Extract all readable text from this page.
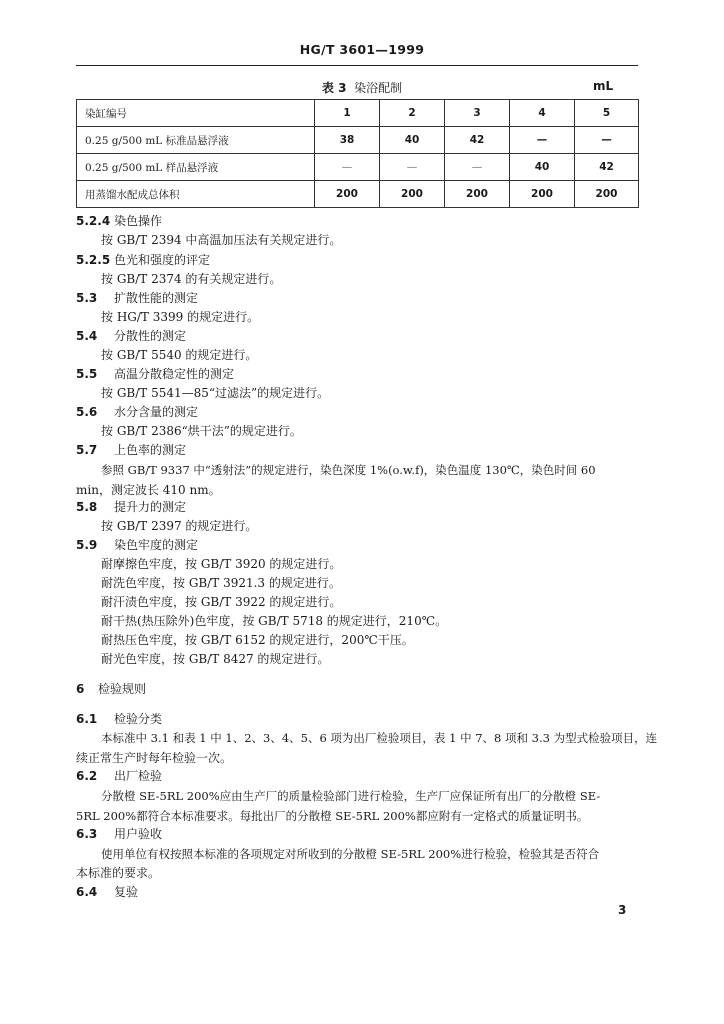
HG/T 3601—1999
表 3 染浴配制	mL
染缸编号	1	2	3	4	5
0.25 g/500 mL 标准品悬浮液	38	40	42	—	—
0.25 g/500 mL 样品悬浮液	—	—	—	40	42
用蒸馏水配成总体积	200	200	200	200	200
5.2.4 染色操作
按 GB/T 2394 中高温加压法有关规定进行。
5.2.5 色光和强度的评定
按 GB/T 2374 的有关规定进行。
5.3 扩散性能的测定
按 HG/T 3399 的规定进行。
5.4 分散性的测定
按 GB/T 5540 的规定进行。
5.5 高温分散稳定性的测定
按 GB/T 5541—85“过滤法”的规定进行。
5.6 水分含量的测定
按 GB/T 2386“烘干法”的规定进行。
5.7 上色率的测定
参照 GB/T 9337 中“透射法”的规定进行，染色深度 1%(o.w.f)，染色温度 130℃，染色时间 60
min，测定波长 410 nm。
5.8 提升力的测定
按 GB/T 2397 的规定进行。
5.9 染色牢度的测定
耐摩擦色牢度，按 GB/T 3920 的规定进行。
耐洗色牢度，按 GB/T 3921.3 的规定进行。
耐汗渍色牢度，按 GB/T 3922 的规定进行。
耐干热(热压除外)色牢度，按 GB/T 5718 的规定进行，210℃。
耐热压色牢度，按 GB/T 6152 的规定进行，200℃干压。
耐光色牢度，按 GB/T 8427 的规定进行。
6 检验规则
6.1 检验分类
本标准中 3.1 和表 1 中 1、2、3、4、5、6 项为出厂检验项目，表 1 中 7、8 项和 3.3 为型式检验项目，连
续正常生产时每年检验一次。
6.2 出厂检验
分散橙 SE-5RL 200%应由生产厂的质量检验部门进行检验，生产厂应保证所有出厂的分散橙 SE-
5RL 200%都符合本标准要求。每批出厂的分散橙 SE-5RL 200%都应附有一定格式的质量证明书。
6.3 用户验收
使用单位有权按照本标准的各项规定对所收到的分散橙 SE-5RL 200%进行检验，检验其是否符合
本标准的要求。
6.4 复验
3
